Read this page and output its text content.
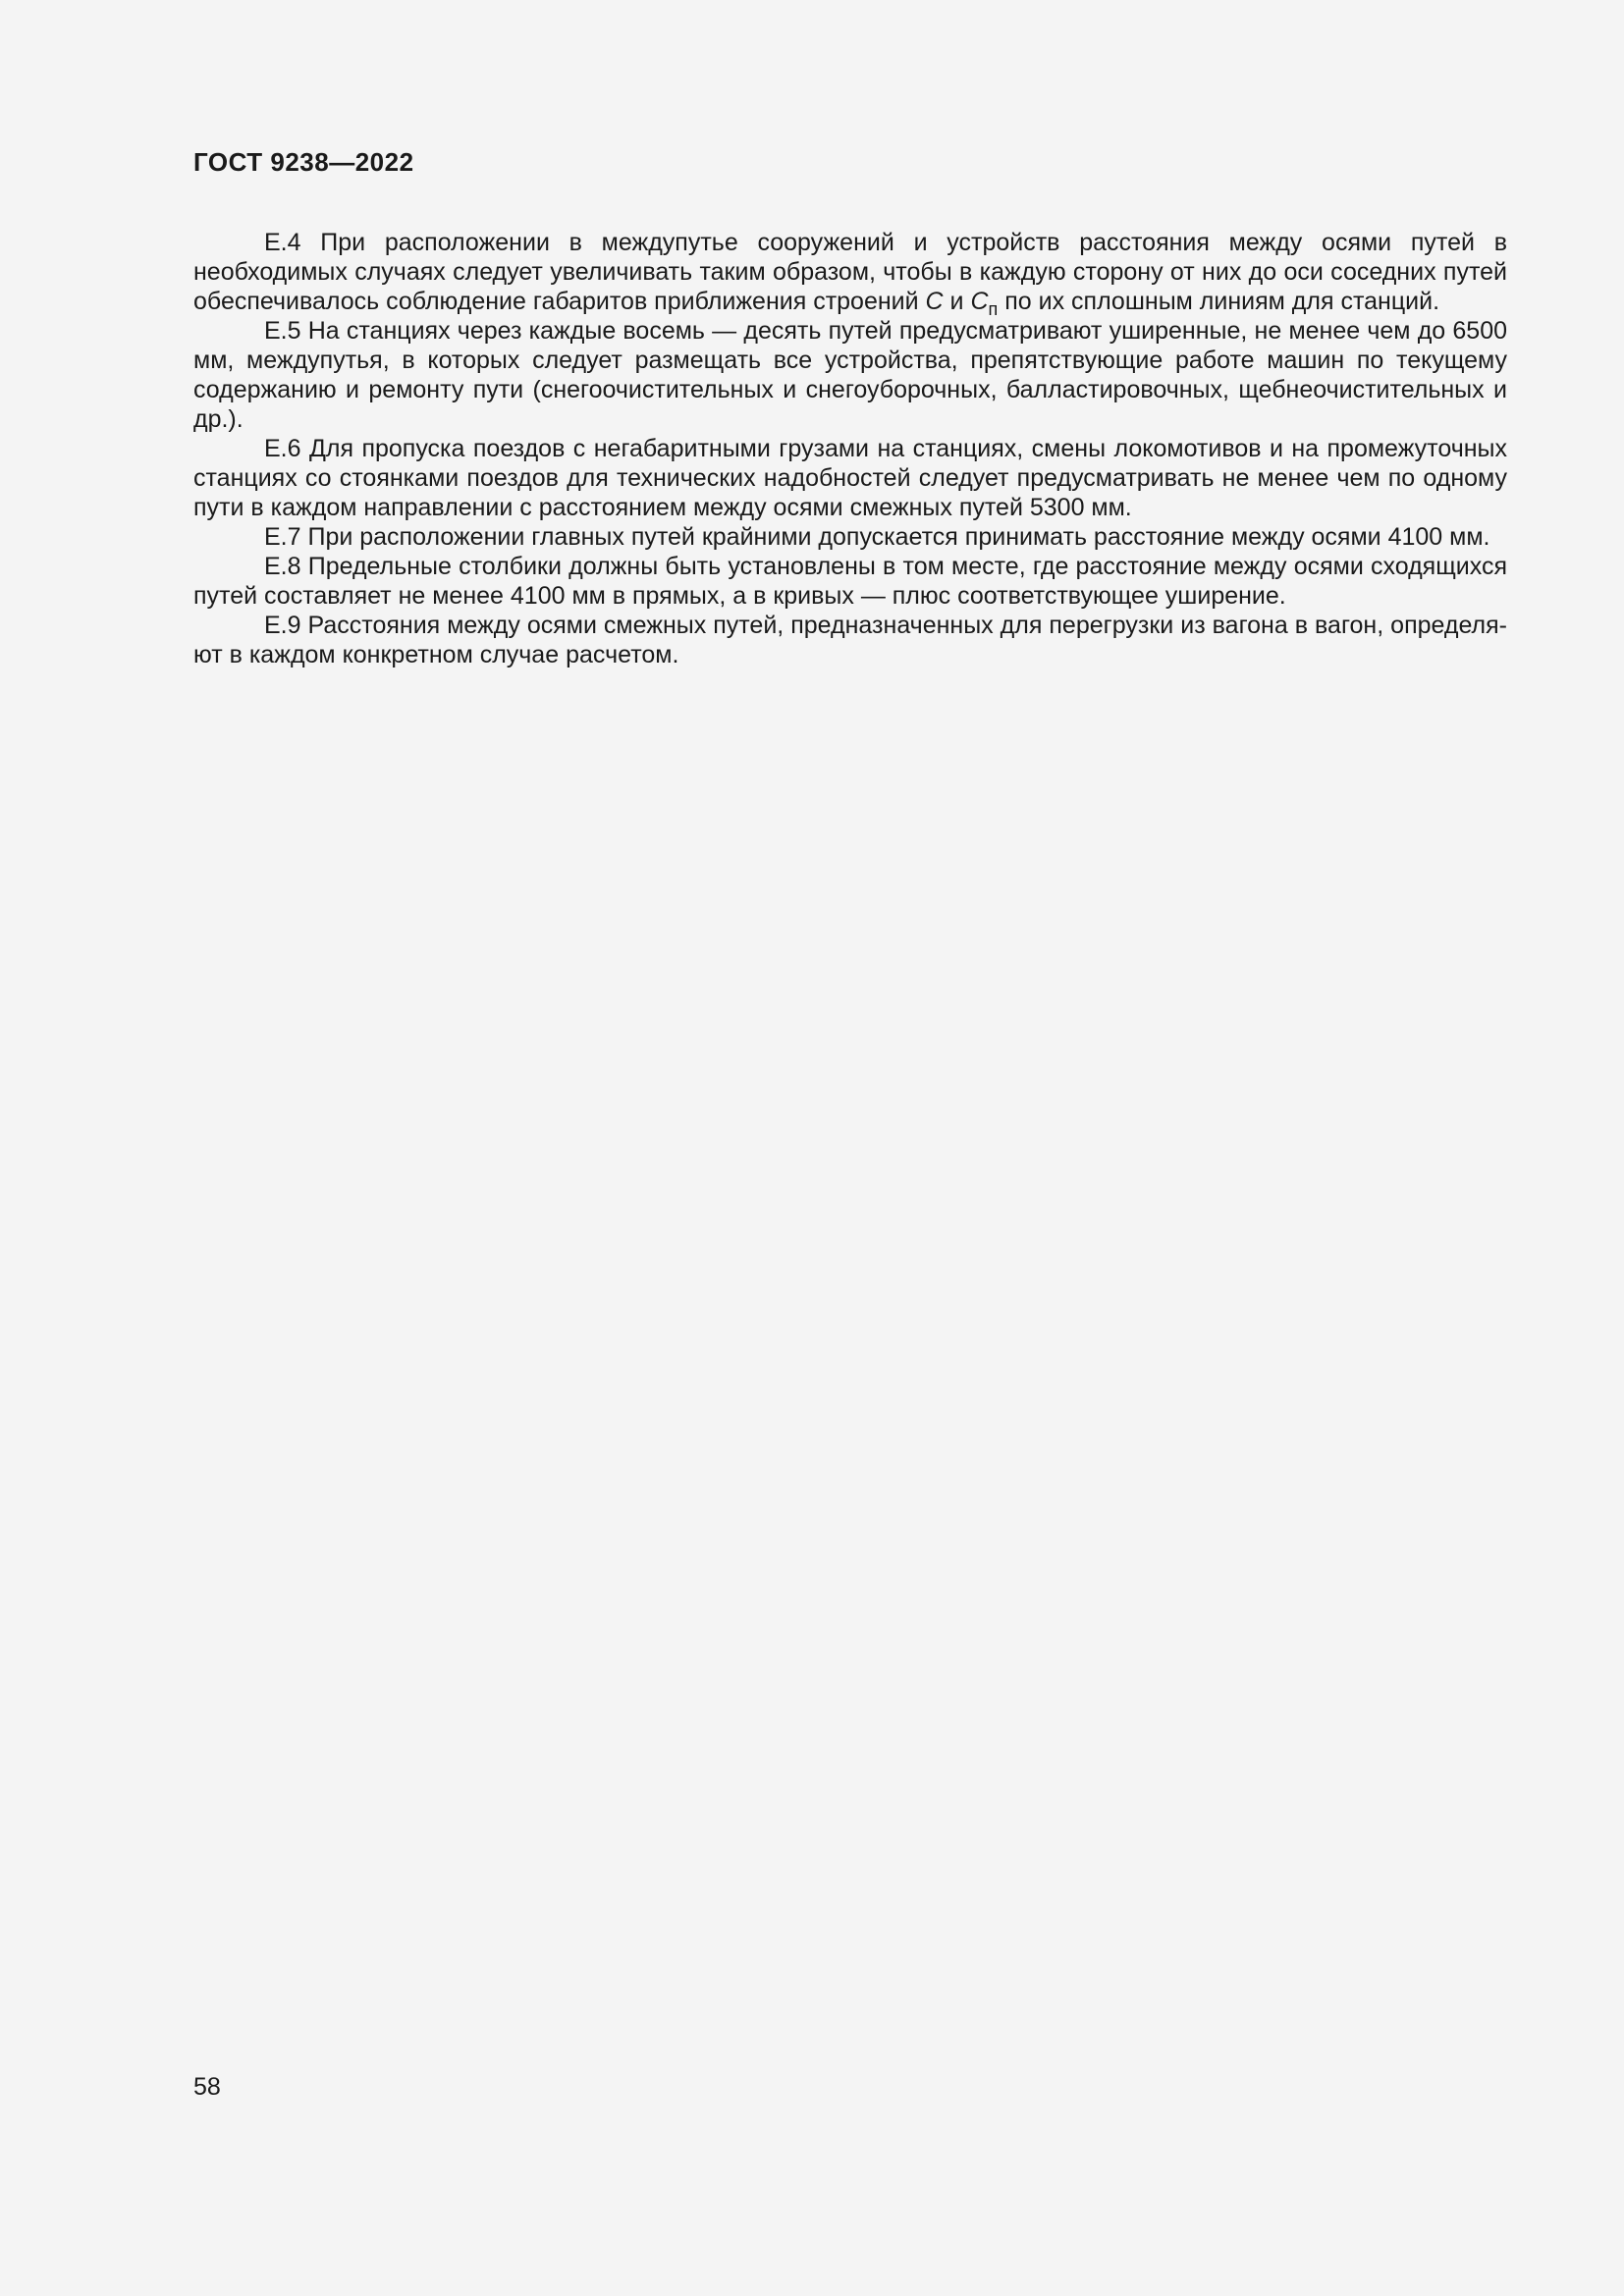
ГОСТ 9238—2022

Е.4 При расположении в междупутье сооружений и устройств расстояния между осями путей в необходимых случаях следует увеличивать таким образом, чтобы в каждую сторону от них до оси соседних путей обеспечивалось соблюдение габаритов приближения строений С и $С_п$ по их сплошным линиям для станций.

Е.5 На станциях через каждые восемь — десять путей предусматривают уширенные, не менее чем до 6500 мм, междупутья, в которых следует размещать все устройства, препятствующие работе машин по текущему содержанию и ремонту пути (снегоочистительных и снегоуборочных, балластировочных, щебнеочистительных и др.).

Е.6 Для пропуска поездов с негабаритными грузами на станциях, смены локомотивов и на промежуточных станциях со стоянками поездов для технических надобностей следует предусматривать не менее чем по одному пути в каждом направлении с расстоянием между осями смежных путей 5300 мм.

Е.7 При расположении главных путей крайними допускается принимать расстояние между осями 4100 мм.

Е.8 Предельные столбики должны быть установлены в том месте, где расстояние между осями сходящихся путей составляет не менее 4100 мм в прямых, а в кривых — плюс соответствующее уширение.

Е.9 Расстояния между осями смежных путей, предназначенных для перегрузки из вагона в вагон, определяют в каждом конкретном случае расчетом.

58
